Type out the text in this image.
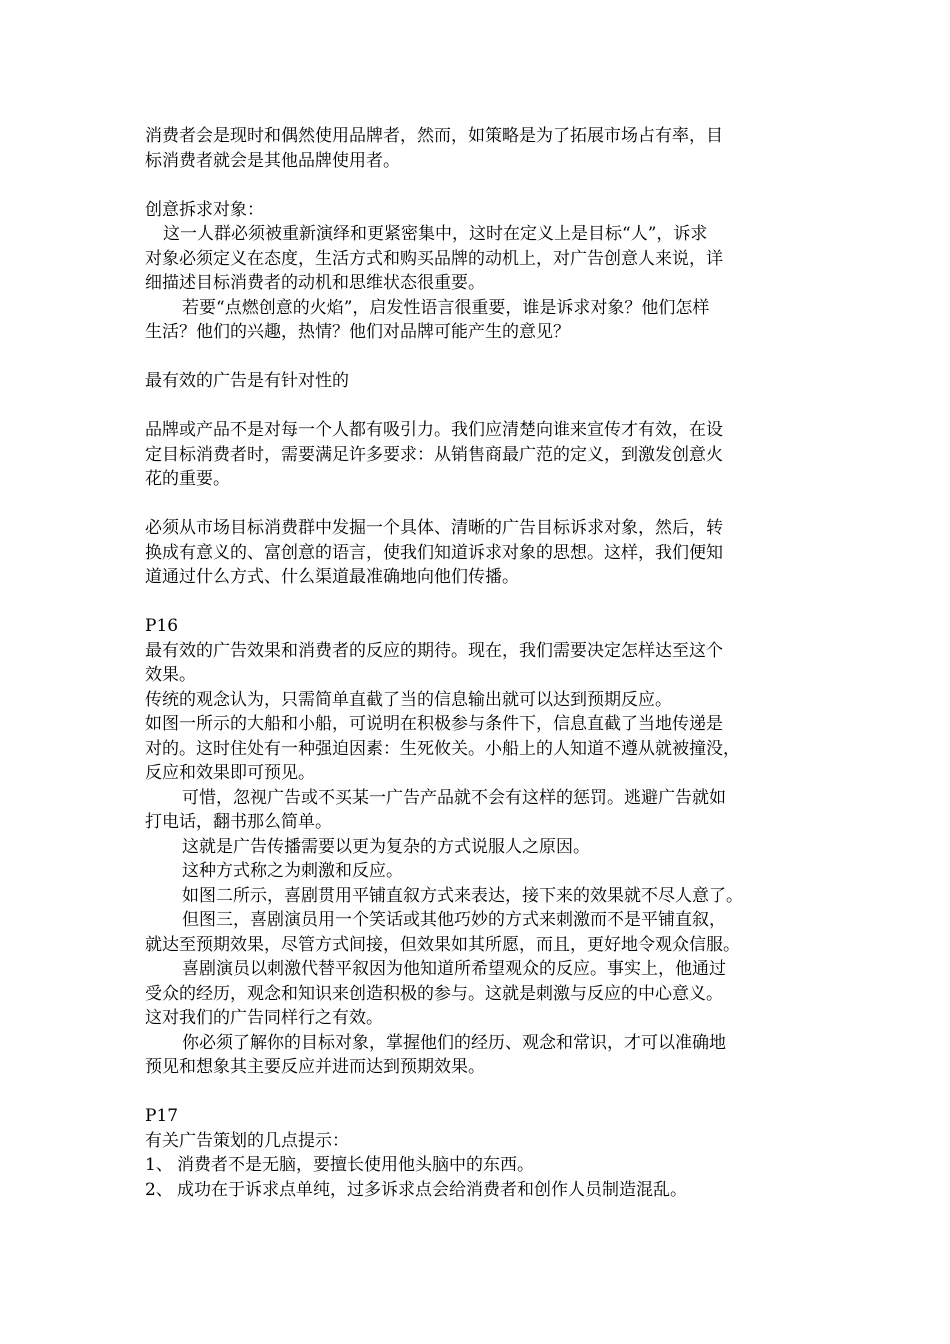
消费者会是现时和偶然使用品牌者，然而，如策略是为了拓展市场占有率，目
标消费者就会是其他品牌使用者。
创意拆求对象：
这一人群必须被重新演绎和更紧密集中，这时在定义上是目标“人”，诉求
对象必须定义在态度，生活方式和购买品牌的动机上，对广告创意人来说，详
细描述目标消费者的动机和思维状态很重要。
若要“点燃创意的火焰”，启发性语言很重要，谁是诉求对象？他们怎样
生活？他们的兴趣，热情？他们对品牌可能产生的意见？
最有效的广告是有针对性的
品牌或产品不是对每一个人都有吸引力。我们应清楚向谁来宣传才有效，在设
定目标消费者时，需要满足许多要求：从销售商最广范的定义，到激发创意火
花的重要。
必须从市场目标消费群中发掘一个具体、清晰的广告目标诉求对象，然后，转
换成有意义的、富创意的语言，使我们知道诉求对象的思想。这样，我们便知
道通过什么方式、什么渠道最准确地向他们传播。
P16
最有效的广告效果和消费者的反应的期待。现在，我们需要决定怎样达至这个
效果。
传统的观念认为，只需简单直截了当的信息输出就可以达到预期反应。
如图一所示的大船和小船，可说明在积极参与条件下，信息直截了当地传递是
对的。这时住处有一种强迫因素：生死攸关。小船上的人知道不遵从就被撞没，
反应和效果即可预见。
可惜，忽视广告或不买某一广告产品就不会有这样的惩罚。逃避广告就如
打电话，翻书那么简单。
这就是广告传播需要以更为复杂的方式说服人之原因。
这种方式称之为刺激和反应。
如图二所示，喜剧贯用平铺直叙方式来表达，接下来的效果就不尽人意了。
但图三，喜剧演员用一个笑话或其他巧妙的方式来刺激而不是平铺直叙，
就达至预期效果，尽管方式间接，但效果如其所愿，而且，更好地令观众信服。
喜剧演员以刺激代替平叙因为他知道所希望观众的反应。事实上，他通过
受众的经历，观念和知识来创造积极的参与。这就是刺激与反应的中心意义。
这对我们的广告同样行之有效。
你必须了解你的目标对象，掌握他们的经历、观念和常识，才可以准确地
预见和想象其主要反应并进而达到预期效果。
P17
有关广告策划的几点提示：
1、 消费者不是无脑，要擅长使用他头脑中的东西。
2、 成功在于诉求点单纯，过多诉求点会给消费者和创作人员制造混乱。
